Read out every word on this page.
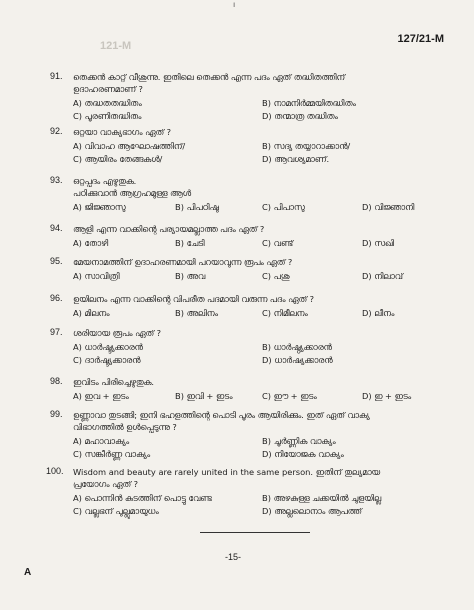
ı
121-M
127/21-M
91. തെക്കൻ കാറ്റ് വീശുന്നു. ഇതിലെ തെക്കൻ എന്ന പദം ഏത് തദ്ധിതത്തിന്
ഉദാഹരണമാണ് ?
A) തദ്ധതതദ്ധിതം	B) നാമനിർമ്മയിതദ്ധിതം
C) പൂരണിതദ്ധിതം	D) തന്മാത്ര തദ്ധിതം
92. ഒറ്റയാ വാക്യഭാഗം ഏത് ?
A) വിവാഹ ആഘോഷത്തിന്/	B) സദ്യ തയ്യാറാക്കാൻ/
C) ആയിരം തേങ്ങകൾ/	D) ആവശ്യമാണ്.
93. ഒറ്റപ്പദം എഴുതുക.
പഠിക്കുവാൻ ആഗ്രഹമുള്ള ആൾ
A) ജിജ്ഞാസു	B) പിപഠിഷു	C) പിപാസു	D) വിജ്ഞാനി
94. ആളി എന്ന വാക്കിന്റെ പര്യായമല്ലാത്ത പദം ഏത് ?
A) തോഴി	B) ചേടി	C) വണ്ട്	D) സഖി
95. മേയനാമത്തിന് ഉദാഹരണമായി പറയാവുന്ന രൂപം ഏത് ?
A) സാവിത്രി	B) അവ	C) പശു	D) നിലാവ്
96. ഉയിലനം എന്ന വാക്കിന്റെ വിപരീത പദമായി വരുന്ന പദം ഏത് ?
A) മിലനം	B) അലിനം	C) നിമീലനം	D) ലീനം
97. ശരിയായ രൂപം ഏത് ?
A) ധാർഷ്ട്യക്കാരൻ	B) ധാർഷ്ഠ്യക്കാരൻ
C) ദാർഷ്ട്യക്കാരൻ	D) ധാർഷ്യക്കാരൻ
98. ഇവിടം പിരിച്ചെഴുതുക.
A) ഇവ + ഇടം	B) ഇവി + ഇടം	C) ഈ + ഇടം	D) ഇ + ഇടം
99. ഉണ്ണാവാ തുടങ്ങി; ഇനി ഭഹളത്തിന്റെ പൊടി പൂരം ആയിരിക്കും. ഇത് ഏത് വാക്യ
വിഭാഗത്തിൽ ഉൾപ്പെടുന്നു ?
A) മഹാവാക്യം	B) ചൂർണ്ണിക വാക്യം
C) സങ്കീർണ്ണ വാക്യം	D) നിയോജക വാക്യം
100. Wisdom and beauty are rarely united in the same person. ഇതിന് തുല്യമായ
പ്രയോഗം ഏത് ?
A) പൊന്നിൻ കുടത്തിന് പൊട്ടു വേണ്ട	B) അഴകുള്ള ചക്കയിൽ ചുളയില്ല
C) വല്ലഭന് പുല്ലുമായുധം	D) അല്ലലൊനാം ആപത്ത്
-15-
A
